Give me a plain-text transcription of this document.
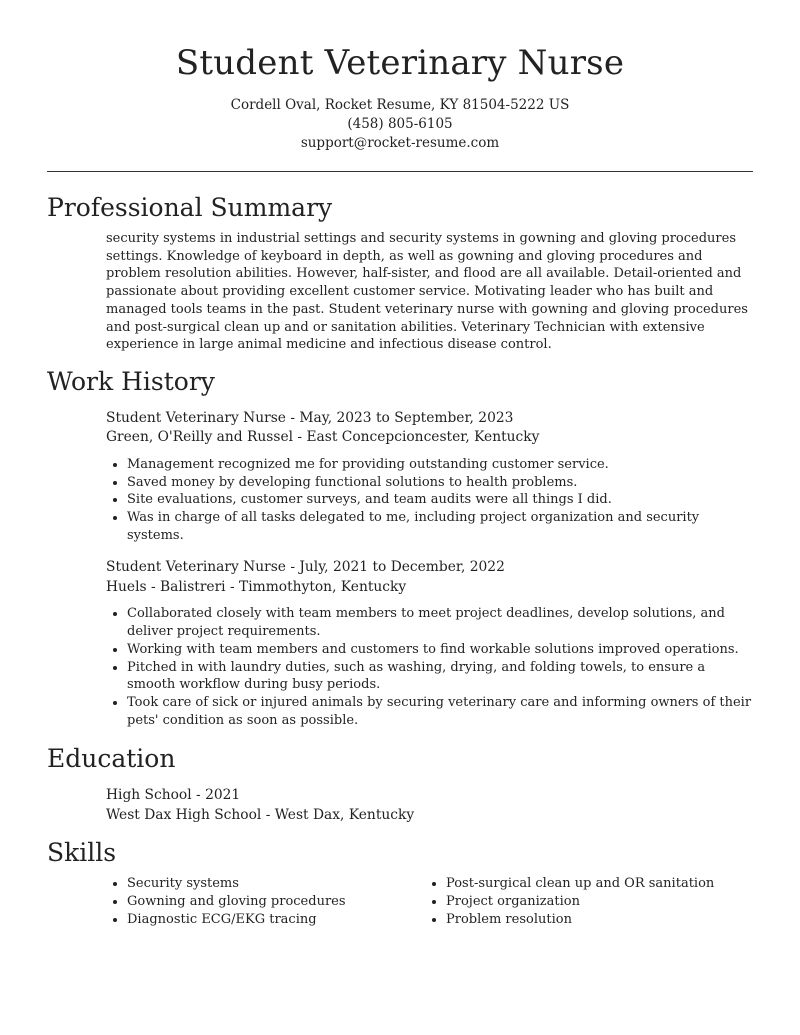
Student Veterinary Nurse
Cordell Oval, Rocket Resume, KY 81504-5222 US
(458) 805-6105
support@rocket-resume.com
Professional Summary
security systems in industrial settings and security systems in gowning and gloving procedures settings. Knowledge of keyboard in depth, as well as gowning and gloving procedures and problem resolution abilities. However, half-sister, and flood are all available. Detail-oriented and passionate about providing excellent customer service. Motivating leader who has built and managed tools teams in the past. Student veterinary nurse with gowning and gloving procedures and post-surgical clean up and or sanitation abilities. Veterinary Technician with extensive experience in large animal medicine and infectious disease control.
Work History
Student Veterinary Nurse - May, 2023 to September, 2023
Green, O'Reilly and Russel - East Concepcioncester, Kentucky
• Management recognized me for providing outstanding customer service.
• Saved money by developing functional solutions to health problems.
• Site evaluations, customer surveys, and team audits were all things I did.
• Was in charge of all tasks delegated to me, including project organization and security systems.
Student Veterinary Nurse - July, 2021 to December, 2022
Huels - Balistreri - Timmothyton, Kentucky
• Collaborated closely with team members to meet project deadlines, develop solutions, and deliver project requirements.
• Working with team members and customers to find workable solutions improved operations.
• Pitched in with laundry duties, such as washing, drying, and folding towels, to ensure a smooth workflow during busy periods.
• Took care of sick or injured animals by securing veterinary care and informing owners of their pets' condition as soon as possible.
Education
High School - 2021
West Dax High School - West Dax, Kentucky
Skills
• Security systems
• Gowning and gloving procedures
• Diagnostic ECG/EKG tracing
• Post-surgical clean up and OR sanitation
• Project organization
• Problem resolution
